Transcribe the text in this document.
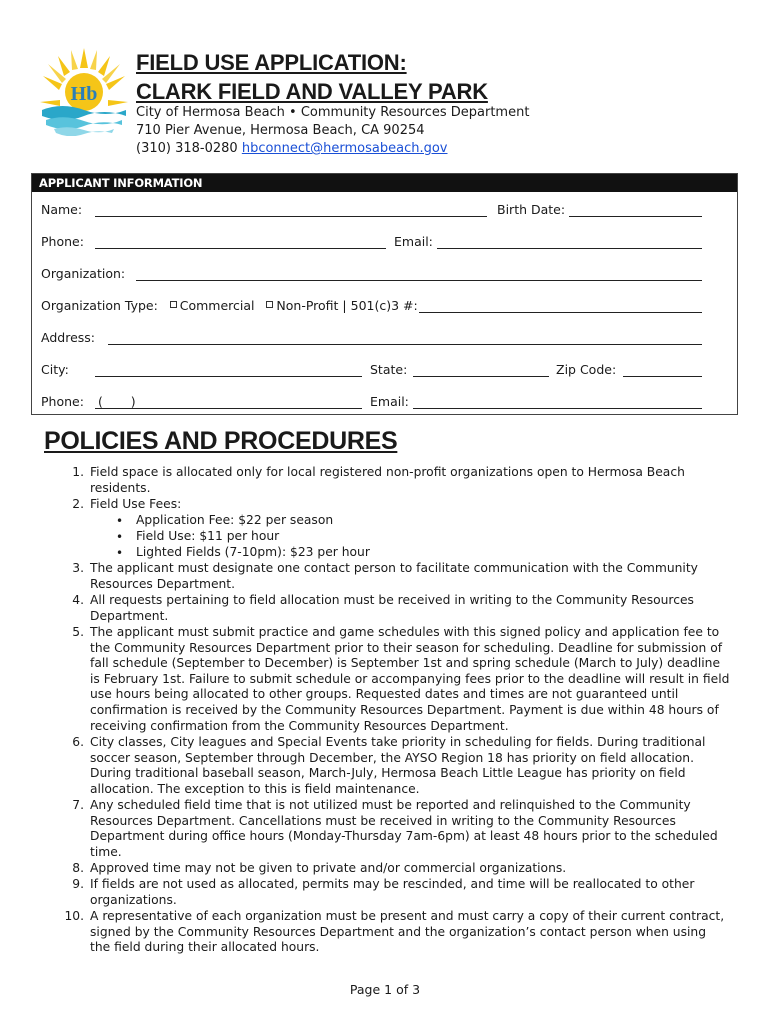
Hb
FIELD USE APPLICATION:
CLARK FIELD AND VALLEY PARK
City of Hermosa Beach • Community Resources Department
710 Pier Avenue, Hermosa Beach, CA 90254
(310) 318-0280 hbconnect@hermosabeach.gov
APPLICANT INFORMATION
Name:	Birth Date:
Phone:	Email:
Organization:
Organization Type: Commercial Non-Profit | 501(c)3 #:
Address:
City:	State:	Zip Code:
Phone: (       )	Email:
POLICIES AND PROCEDURES
1. Field space is allocated only for local registered non-profit organizations open to Hermosa Beach residents.
2. Field Use Fees:
• Application Fee: $22 per season
• Field Use: $11 per hour
• Lighted Fields (7-10pm): $23 per hour
3. The applicant must designate one contact person to facilitate communication with the Community Resources Department.
4. All requests pertaining to field allocation must be received in writing to the Community Resources Department.
5. The applicant must submit practice and game schedules with this signed policy and application fee to the Community Resources Department prior to their season for scheduling. Deadline for submission of fall schedule (September to December) is September 1st and spring schedule (March to July) deadline is February 1st. Failure to submit schedule or accompanying fees prior to the deadline will result in field use hours being allocated to other groups. Requested dates and times are not guaranteed until confirmation is received by the Community Resources Department. Payment is due within 48 hours of receiving confirmation from the Community Resources Department.
6. City classes, City leagues and Special Events take priority in scheduling for fields. During traditional soccer season, September through December, the AYSO Region 18 has priority on field allocation. During traditional baseball season, March-July, Hermosa Beach Little League has priority on field allocation. The exception to this is field maintenance.
7. Any scheduled field time that is not utilized must be reported and relinquished to the Community Resources Department. Cancellations must be received in writing to the Community Resources Department during office hours (Monday-Thursday 7am-6pm) at least 48 hours prior to the scheduled time.
8. Approved time may not be given to private and/or commercial organizations.
9. If fields are not used as allocated, permits may be rescinded, and time will be reallocated to other organizations.
10. A representative of each organization must be present and must carry a copy of their current contract, signed by the Community Resources Department and the organization’s contact person when using the field during their allocated hours.
Page 1 of 3
